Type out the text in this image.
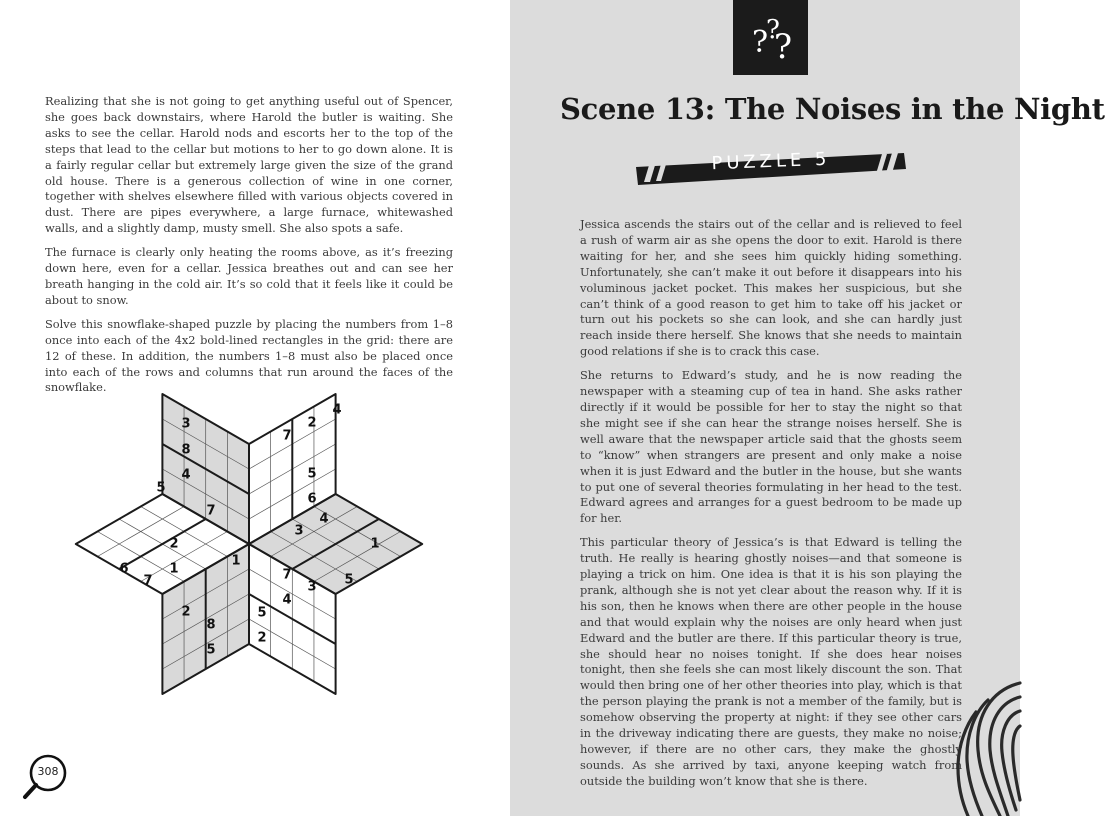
Realizing that she is not going to get anything useful out of Spencer, she goes back downstairs, where Harold the butler is waiting. She asks to see the cellar. Harold nods and escorts her to the top of the steps that lead to the cellar but motions to her to go down alone. It is a fairly regular cellar but extremely large given the size of the grand old house. There is a generous collection of wine in one corner, together with shelves elsewhere filled with various objects covered in dust. There are pipes everywhere, a large furnace, whitewashed walls, and a slightly damp, musty smell. She also spots a safe.

The furnace is clearly only heating the rooms above, as it’s freezing down here, even for a cellar. Jessica breathes out and can see her breath hanging in the cold air. It’s so cold that it feels like it could be about to snow.

Solve this snowflake-shaped puzzle by placing the numbers from 1–8 once into each of the 4x2 bold-lined rectangles in the grid: there are 12 of these. In addition, the numbers 1–8 must also be placed once into each of the rows and columns that run around the faces of the snowflake.

3
8
4
5
7
7
2
4
5
6
4
3
1
5
2
6
7
1
1
7
4
3
5
2
2
8
5
308
?
?
?
Scene 13: The Noises in the Night
PUZZLE 5

Jessica ascends the stairs out of the cellar and is relieved to feel a rush of warm air as she opens the door to exit. Harold is there waiting for her, and she sees him quickly hiding something. Unfortunately, she can’t make it out before it disappears into his voluminous jacket pocket. This makes her suspicious, but she can’t think of a good reason to get him to take off his jacket or turn out his pockets so she can look, and she can hardly just reach inside there herself. She knows that she needs to maintain good relations if she is to crack this case.

She returns to Edward’s study, and he is now reading the newspaper with a steaming cup of tea in hand. She asks rather directly if it would be possible for her to stay the night so that she might see if she can hear the strange noises herself. She is well aware that the newspaper article said that the ghosts seem to “know” when strangers are present and only make a noise when it is just Edward and the butler in the house, but she wants to put one of several theories formulating in her head to the test. Edward agrees and arranges for a guest bedroom to be made up for her.

This particular theory of Jessica’s is that Edward is telling the truth. He really is hearing ghostly noises—and that someone is playing a trick on him. One idea is that it is his son playing the prank, although she is not yet clear about the reason why. If it is his son, then he knows when there are other people in the house and that would explain why the noises are only heard when just Edward and the butler are there. If this particular theory is true, she should hear no noises tonight. If she does hear noises tonight, then she feels she can most likely discount the son. That would then bring one of her other theories into play, which is that the person playing the prank is not a member of the family, but is somehow observing the property at night: if they see other cars in the driveway indicating there are guests, they make no noise; however, if there are no other cars, they make the ghostly sounds. As she arrived by taxi, anyone keeping watch from outside the building won’t know that she is there.
